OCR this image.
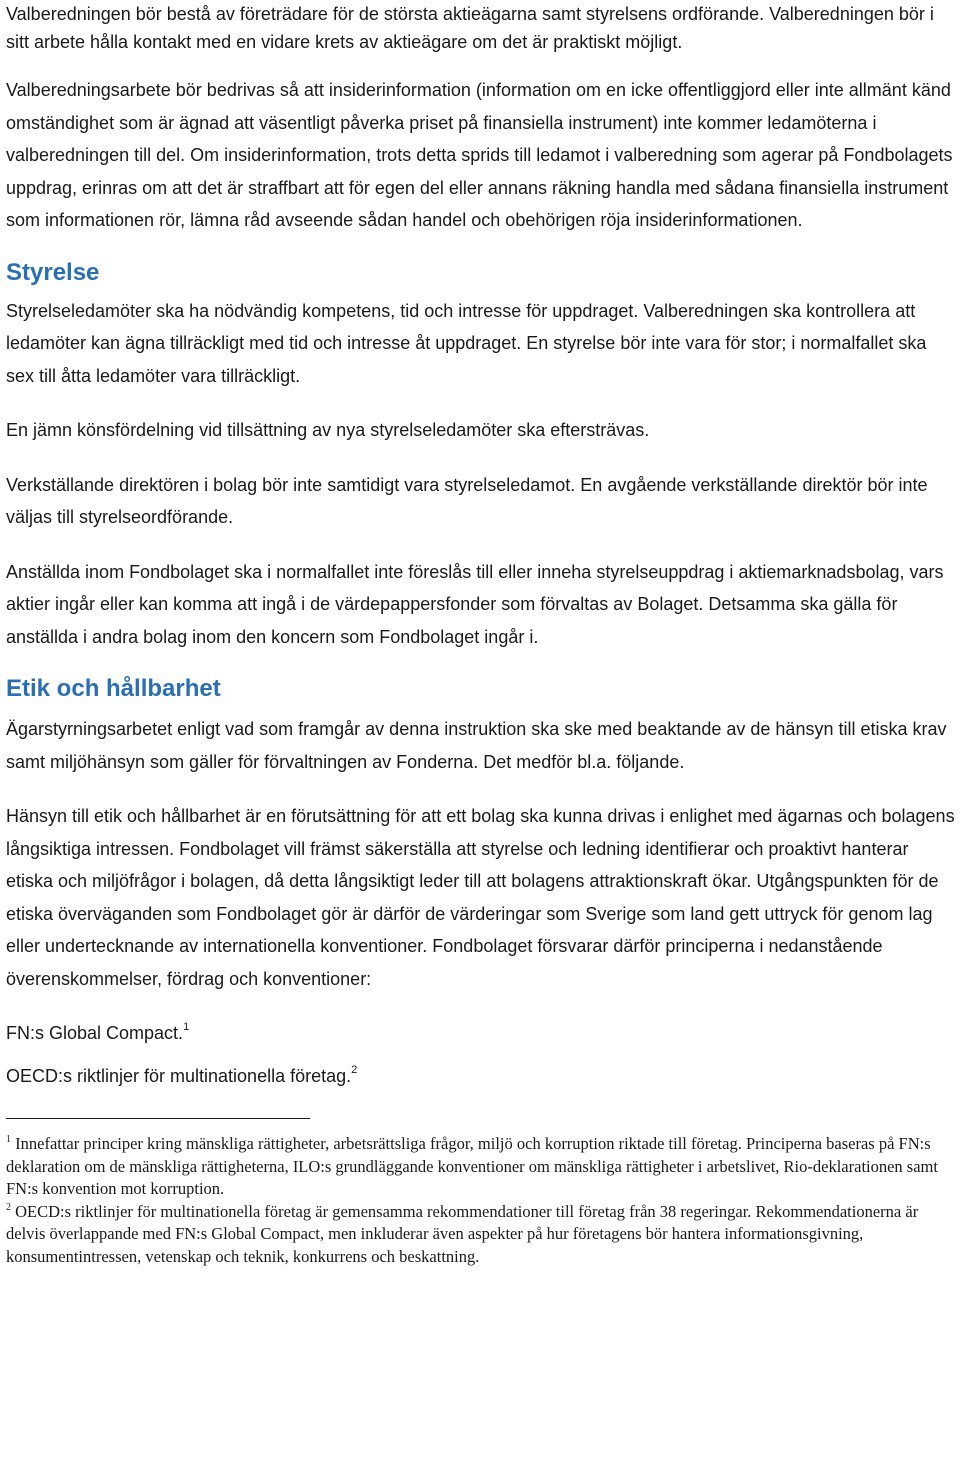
Valberedningen bör bestå av företrädare för de största aktieägarna samt styrelsens ordförande. Valberedningen bör i sitt arbete hålla kontakt med en vidare krets av aktieägare om det är praktiskt möjligt.

Valberedningsarbete bör bedrivas så att insiderinformation (information om en icke offentliggjord eller inte allmänt känd omständighet som är ägnad att väsentligt påverka priset på finansiella instrument) inte kommer ledamöterna i valberedningen till del. Om insiderinformation, trots detta sprids till ledamot i valberedning som agerar på Fondbolagets uppdrag, erinras om att det är straffbart att för egen del eller annans räkning handla med sådana finansiella instrument som informationen rör, lämna råd avseende sådan handel och obehörigen röja insiderinformationen.

Styrelse

Styrelseledamöter ska ha nödvändig kompetens, tid och intresse för uppdraget. Valberedningen ska kontrollera att ledamöter kan ägna tillräckligt med tid och intresse åt uppdraget. En styrelse bör inte vara för stor; i normalfallet ska sex till åtta ledamöter vara tillräckligt.

En jämn könsfördelning vid tillsättning av nya styrelseledamöter ska eftersträvas.

Verkställande direktören i bolag bör inte samtidigt vara styrelseledamot. En avgående verkställande direktör bör inte väljas till styrelseordförande.

Anställda inom Fondbolaget ska i normalfallet inte föreslås till eller inneha styrelseuppdrag i aktiemarknadsbolag, vars aktier ingår eller kan komma att ingå i de värdepappersfonder som förvaltas av Bolaget. Detsamma ska gälla för anställda i andra bolag inom den koncern som Fondbolaget ingår i.

Etik och hållbarhet

Ägarstyrningsarbetet enligt vad som framgår av denna instruktion ska ske med beaktande av de hänsyn till etiska krav samt miljöhänsyn som gäller för förvaltningen av Fonderna. Det medför bl.a. följande.

Hänsyn till etik och hållbarhet är en förutsättning för att ett bolag ska kunna drivas i enlighet med ägarnas och bolagens långsiktiga intressen. Fondbolaget vill främst säkerställa att styrelse och ledning identifierar och proaktivt hanterar etiska och miljöfrågor i bolagen, då detta långsiktigt leder till att bolagens attraktionskraft ökar. Utgångspunkten för de etiska överväganden som Fondbolaget gör är därför de värderingar som Sverige som land gett uttryck för genom lag eller undertecknande av internationella konventioner. Fondbolaget försvarar därför principerna i nedanstående överenskommelser, fördrag och konventioner:

FN:s Global Compact.$^1$

OECD:s riktlinjer för multinationella företag.$^2$

$^1$ Innefattar principer kring mänskliga rättigheter, arbetsrättsliga frågor, miljö och korruption riktade till företag. Principerna baseras på FN:s deklaration om de mänskliga rättigheterna, ILO:s grundläggande konventioner om mänskliga rättigheter i arbetslivet, Rio-deklarationen samt FN:s konvention mot korruption.

$^2$ OECD:s riktlinjer för multinationella företag är gemensamma rekommendationer till företag från 38 regeringar. Rekommendationerna är delvis överlappande med FN:s Global Compact, men inkluderar även aspekter på hur företagens bör hantera informationsgivning, konsumentintressen, vetenskap och teknik, konkurrens och beskattning.
